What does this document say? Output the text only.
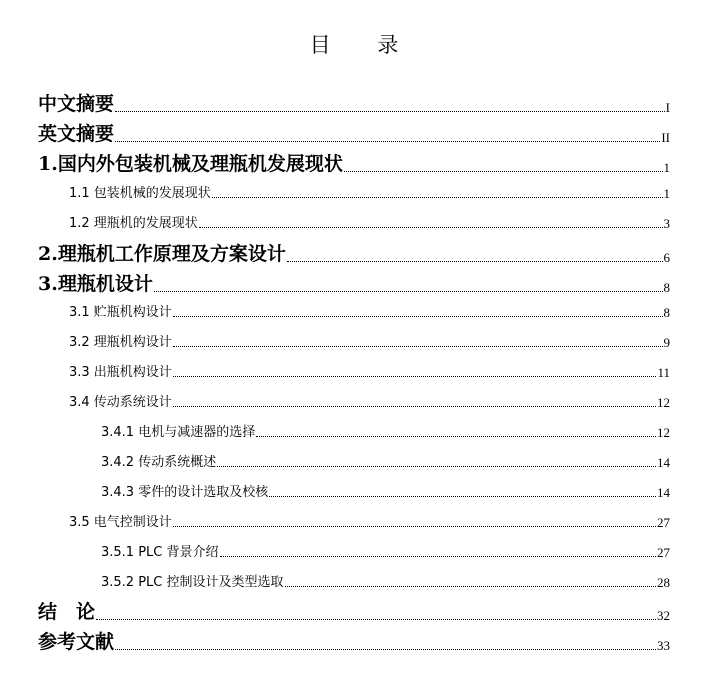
目 录
中文摘要	I
英文摘要	II
1.国内外包装机械及理瓶机发展现状	1
1.1 包装机械的发展现状	1
1.2 理瓶机的发展现状	3
2.理瓶机工作原理及方案设计	6
3.理瓶机设计	8
3.1 贮瓶机构设计	8
3.2 理瓶机构设计	9
3.3 出瓶机构设计	11
3.4 传动系统设计	12
3.4.1 电机与减速器的选择	12
3.4.2 传动系统概述	14
3.4.3 零件的设计选取及校核	14
3.5 电气控制设计	27
3.5.1 PLC 背景介绍	27
3.5.2 PLC 控制设计及类型选取	28
结　论	32
参考文献	33
